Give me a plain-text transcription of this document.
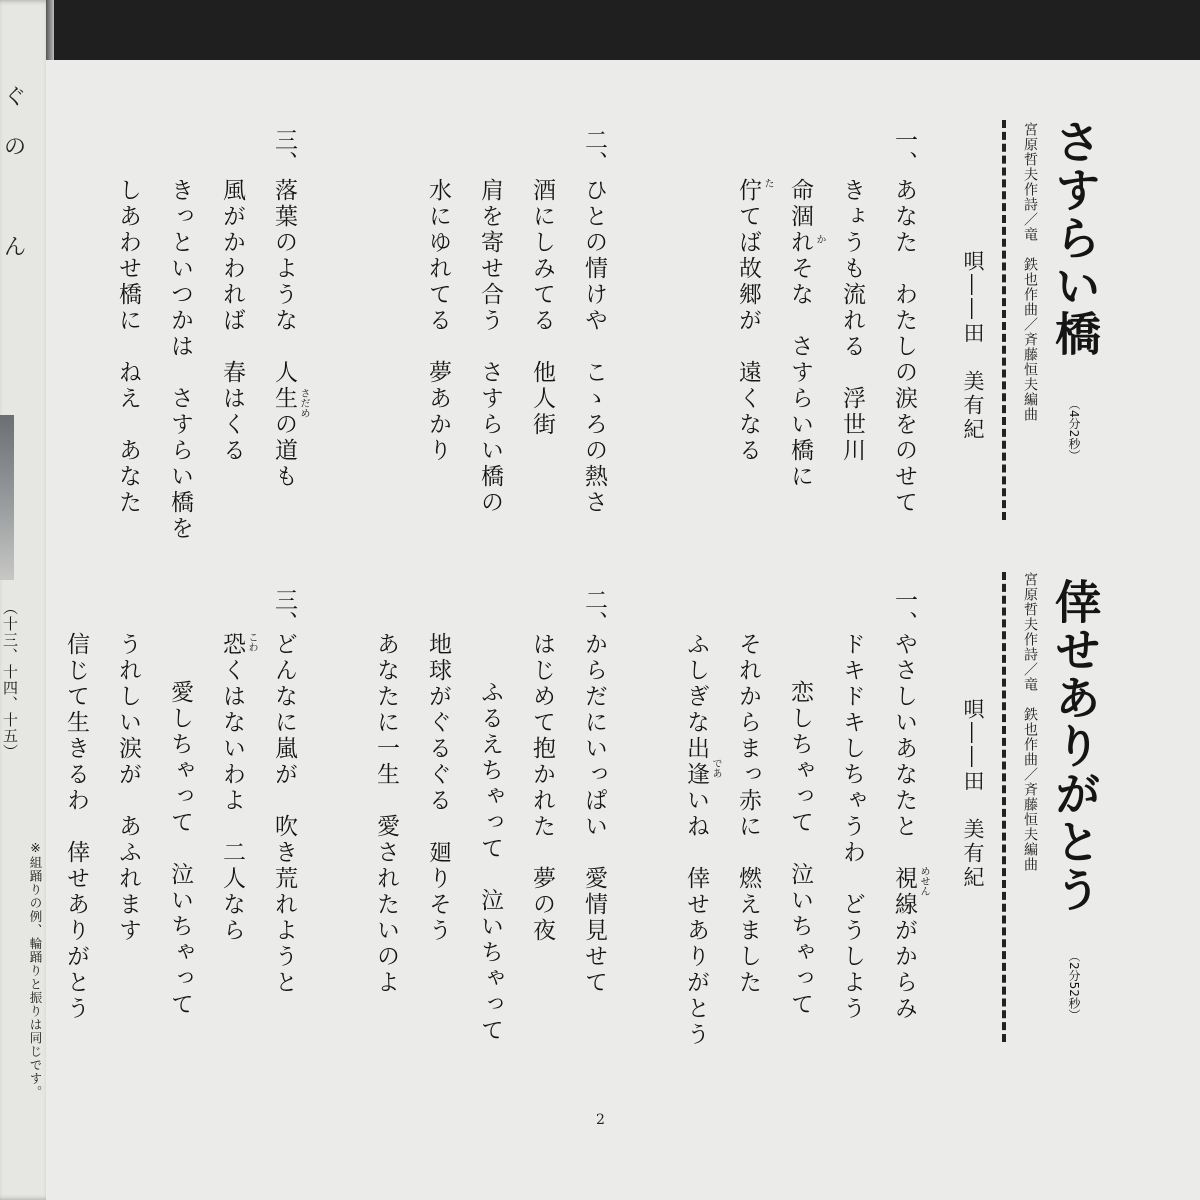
ぐ
の
ん
（十三、十四、十五）
※組踊りの例、輪踊りと振りは同じです。
宮原哲夫作詩／竜　鉄也作曲／斉藤恒夫編曲 さすらい橋
（4分2秒）
唄――田　美有紀
一、
あなた　わたしの涙をのせて
きょうも流れる　浮世川
命涸れそな　さすらい橋に か
佇てば故郷が　遠くなる た
二、
ひとの情けや　こゝろの熱さ
酒にしみてる　他人街
肩を寄せ合う　さすらい橋の
水にゆれてる　夢あかり
三、
落葉のような　人生の道も さだめ
風がかわれば　春はくる
きっといつかは　さすらい橋を
しあわせ橋に　ねえ　あなた
宮原哲夫作詩／竜　鉄也作曲／斉藤恒夫編曲 倖せありがとう
（2分52秒）
唄――田　美有紀
一、
やさしいあなたと　視線がからみ めせん
ドキドキしちゃうわ　どうしよう
恋しちゃって　泣いちゃって
それからまっ赤に　燃えました
ふしぎな出逢いね　倖せありがとう であ
二、
からだにいっぱい　愛情見せて
はじめて抱かれた　夢の夜
ふるえちゃって　泣いちゃって
地球がぐるぐる　廻りそう
あなたに一生　愛されたいのよ
三、
どんなに嵐が　吹き荒れようと
恐くはないわよ　二人なら こわ
愛しちゃって　泣いちゃって
うれしい涙が　あふれます
信じて生きるわ　倖せありがとう
2
